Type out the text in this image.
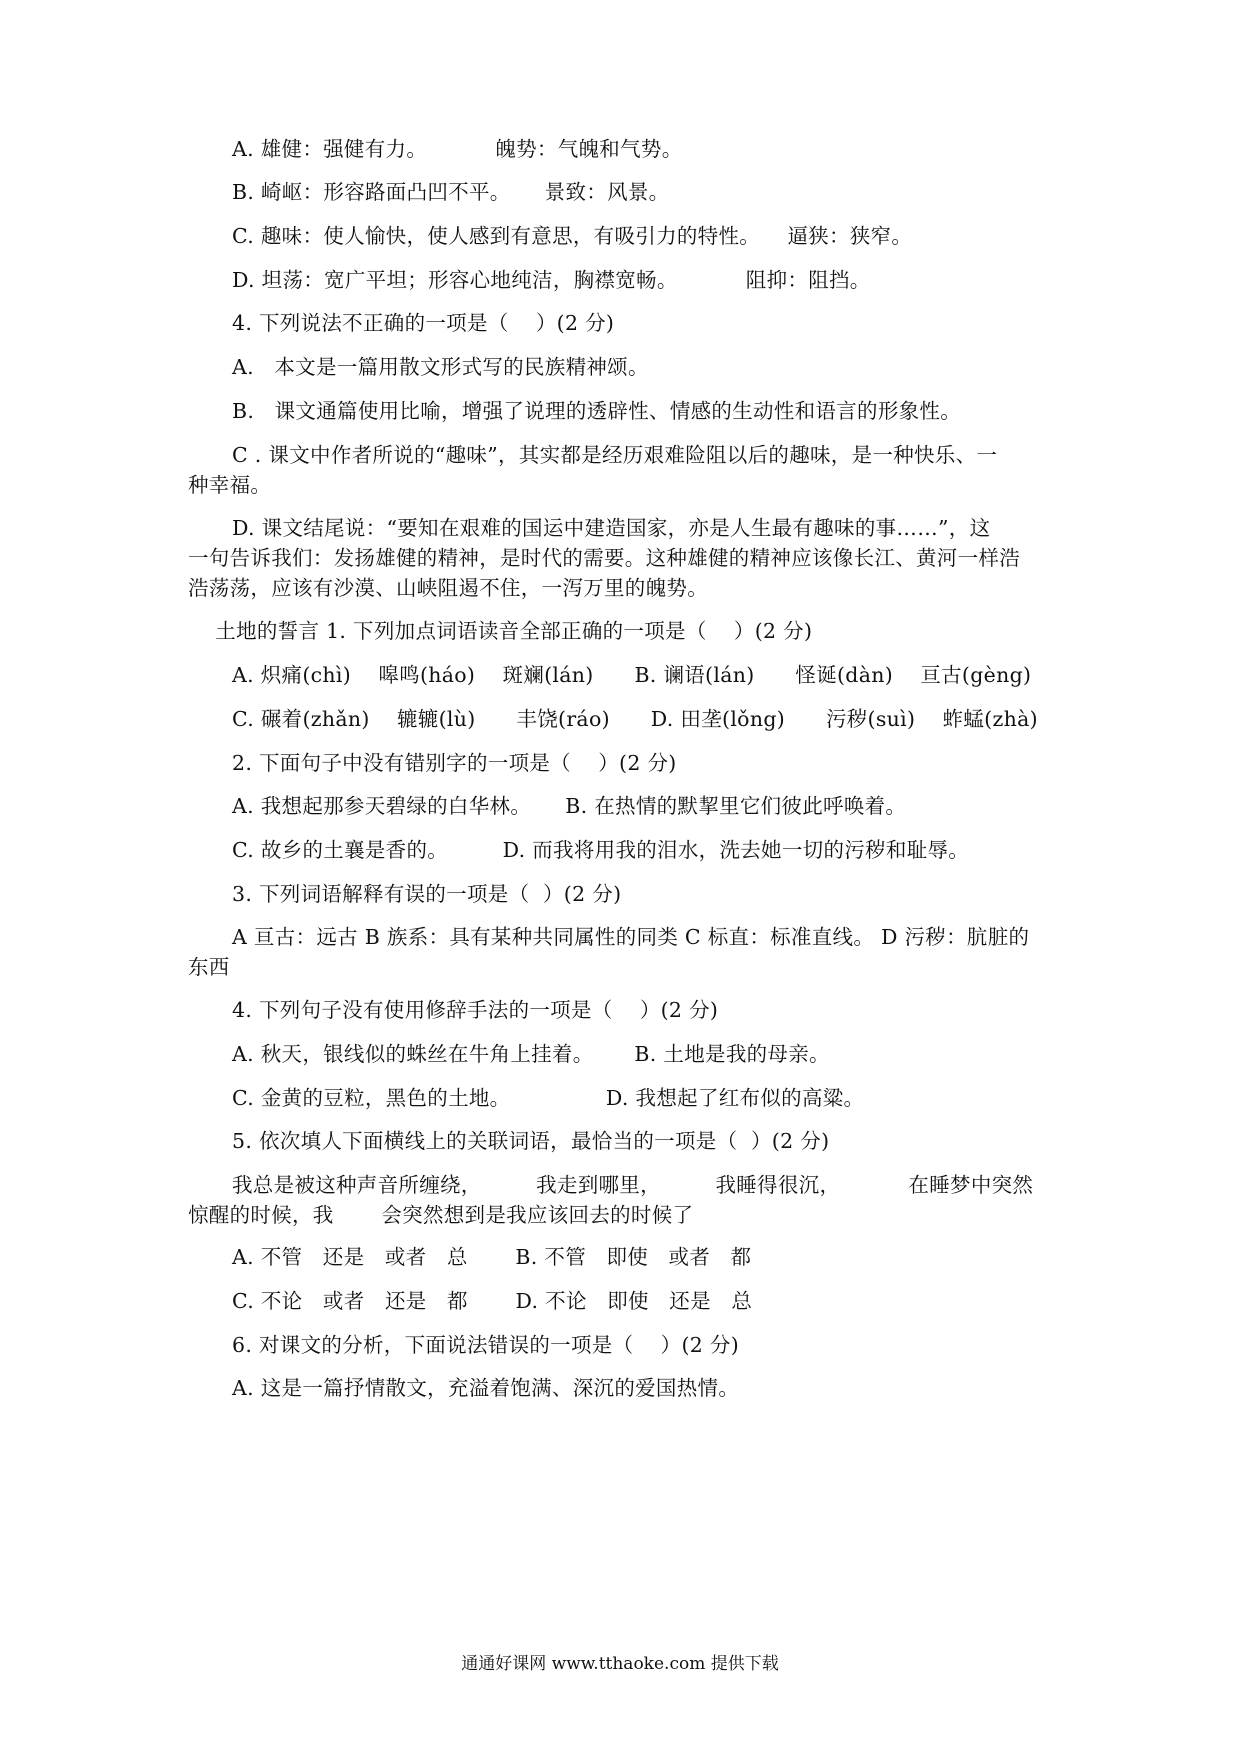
A. 雄健：强健有力。          魄势：气魄和气势。
B. 崎岖：形容路面凸凹不平。     景致：风景。
C. 趣味：使人愉快，使人感到有意思，有吸引力的特性。    逼狭：狭窄。
D. 坦荡：宽广平坦；形容心地纯洁，胸襟宽畅。          阻抑：阻挡。
4. 下列说法不正确的一项是（    ）(2 分)
A.   本文是一篇用散文形式写的民族精神颂。
B.   课文通篇使用比喻，增强了说理的透辟性、情感的生动性和语言的形象性。
C . 课文中作者所说的“趣味”，其实都是经历艰难险阻以后的趣味，是一种快乐、一
种幸福。
D. 课文结尾说：“要知在艰难的国运中建造国家，亦是人生最有趣味的事……”，这
一句告诉我们：发扬雄健的精神，是时代的需要。这种雄健的精神应该像长江、黄河一样浩
浩荡荡，应该有沙漠、山峡阻遏不住，一泻万里的魄势。
土地的誓言 1. 下列加点词语读音全部正确的一项是（    ）(2 分)
A. 炽痛(chì)    嗥鸣(háo)    斑斓(lán)      B. 谰语(lán)      怪诞(dàn)    亘古(gèng)
C. 碾着(zhǎn)    辘辘(lù)      丰饶(ráo)      D. 田垄(lǒng)      污秽(suì)    蚱蜢(zhà)
2. 下面句子中没有错别字的一项是（    ）(2 分)
A. 我想起那参天碧绿的白华林。     B. 在热情的默挈里它们彼此呼唤着。
C. 故乡的土襄是香的。        D. 而我将用我的泪水，洗去她一切的污秽和耻辱。
3. 下列词语解释有误的一项是（  ）(2 分)
A 亘古：远古 B 族系：具有某种共同属性的同类 C 标直：标准直线。 D 污秽：肮脏的
东西
4. 下列句子没有使用修辞手法的一项是（    ）(2 分)
A. 秋天，银线似的蛛丝在牛角上挂着。      B. 土地是我的母亲。
C. 金黄的豆粒，黑色的土地。              D. 我想起了红布似的高粱。
5. 依次填人下面横线上的关联词语，最恰当的一项是（  ）(2 分)
我总是被这种声音所缠绕，        我走到哪里，        我睡得很沉，          在睡梦中突然
惊醒的时候，我       会突然想到是我应该回去的时候了
A. 不管   还是   或者   总       B. 不管   即使   或者   都
C. 不论   或者   还是   都       D. 不论   即使   还是   总
6. 对课文的分析，下面说法错误的一项是（    ）(2 分)
A. 这是一篇抒情散文，充溢着饱满、深沉的爱国热情。
通通好课网 www.tthaoke.com 提供下载
